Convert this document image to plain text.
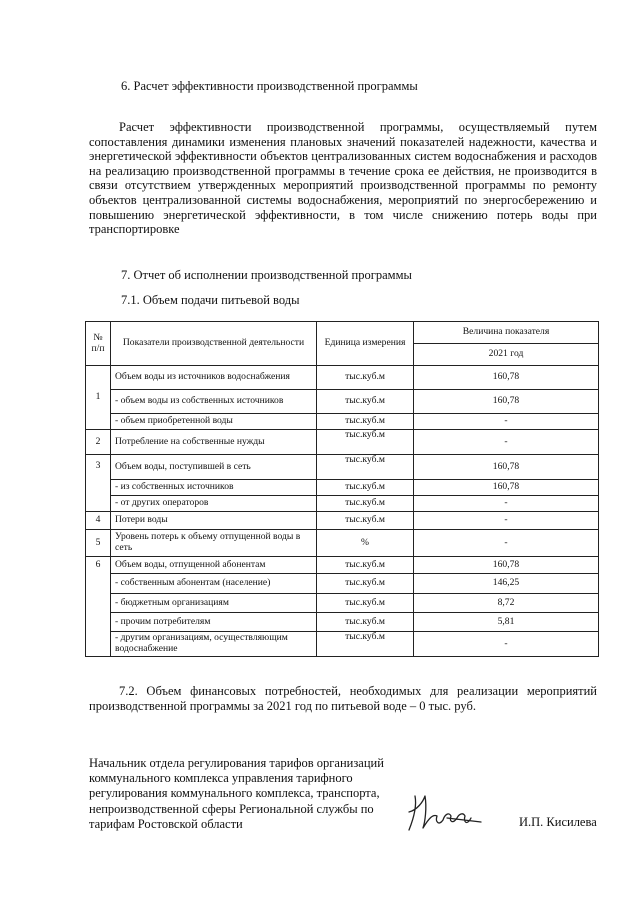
6. Расчет эффективности производственной программы
Расчет эффективности производственной программы, осуществляемый путем сопоставления динамики изменения плановых значений показателей надежности, качества и энергетической эффективности объектов централизованных систем водоснабжения и расходов на реализацию производственной программы в течение срока ее действия, не производится в связи отсутствием утвержденных мероприятий производственной программы по ремонту объектов централизованной системы водоснабжения, мероприятий по энергосбережению и повышению энергетической эффективности, в том числе снижению потерь воды при транспортировке
7. Отчет об исполнении производственной программы
7.1. Объем подачи питьевой воды
№ п/п	Показатели производственной деятельности	Единица измерения	Величина показателя
			2021 год
1	Объем воды из источников водоснабжения	тыс.куб.м	160,78
	- объем воды из собственных источников	тыс.куб.м	160,78
	- объем приобретенной воды	тыс.куб.м	-
2	Потребление на собственные нужды	тыс.куб.м	-
3	Объем воды, поступившей в сеть	тыс.куб.м	160,78
	- из собственных источников	тыс.куб.м	160,78
	- от других операторов	тыс.куб.м	-
4	Потери воды	тыс.куб.м	-
5	Уровень потерь к объему отпущенной воды в сеть	%	-
6	Объем воды, отпущенной абонентам	тыс.куб.м	160,78
	- собственным абонентам (население)	тыс.куб.м	146,25
	- бюджетным организациям	тыс.куб.м	8,72
	- прочим потребителям	тыс.куб.м	5,81
	- другим организациям, осуществляющим водоснабжение	тыс.куб.м	-
7.2. Объем финансовых потребностей, необходимых для реализации мероприятий производственной программы за 2021 год по питьевой воде – 0 тыс. руб.
Начальник отдела регулирования тарифов организаций коммунального комплекса управления тарифного регулирования коммунального комплекса, транспорта, непроизводственной сферы Региональной службы по тарифам Ростовской области	И.П. Кисилева
